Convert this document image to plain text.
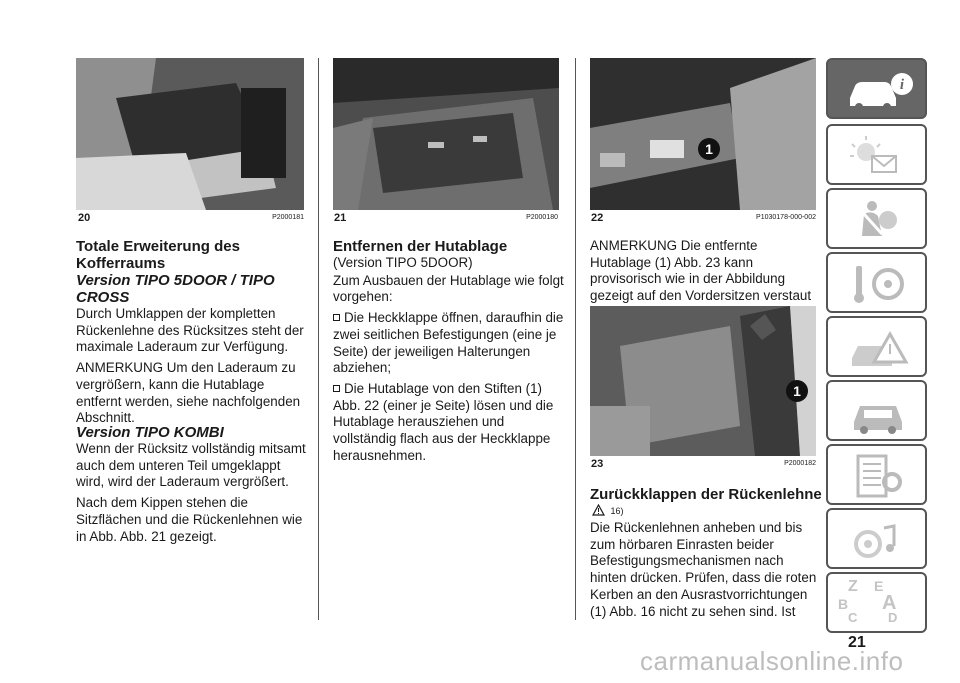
20	P2000181
Totale Erweiterung des
Kofferraums
Version TIPO 5DOOR / TIPO
CROSS

Durch Umklappen der kompletten Rückenlehne des Rücksitzes steht der maximale Laderaum zur Verfügung.

ANMERKUNG Um den Laderaum zu vergrößern, kann die Hutablage entfernt werden, siehe nachfolgenden Abschnitt.

Version TIPO KOMBI

Wenn der Rücksitz vollständig mitsamt auch dem unteren Teil umgeklappt wird, wird der Laderaum vergrößert.

Nach dem Kippen stehen die Sitzflächen und die Rückenlehnen wie in Abb. Abb. 21 gezeigt.

21	P2000180
Entfernen der Hutablage

(Version TIPO 5DOOR)

Zum Ausbauen der Hutablage wie folgt vorgehen:

Die Heckklappe öffnen, daraufhin die zwei seitlichen Befestigungen (eine je Seite) der jeweiligen Halterungen abziehen;

Die Hutablage von den Stiften (1) Abb. 22 (einer je Seite) lösen und die Hutablage herausziehen und vollständig flach aus der Heckklappe herausnehmen.

1
22	P1030178-000-002

ANMERKUNG Die entfernte Hutablage (1) Abb. 23 kann provisorisch wie in der Abbildung gezeigt auf den Vordersitzen verstaut

1
23	P2000182
Zurückklappen der Rückenlehne
16)

Die Rückenlehnen anheben und bis zum hörbaren Einrasten beider Befestigungsmechanismen nach hinten drücken. Prüfen, dass die roten Kerben an den Ausrastvorrichtungen (1) Abb. 16 nicht zu sehen sind. Ist

i
Z E
B A
C D
21
carmanualsonline.info
